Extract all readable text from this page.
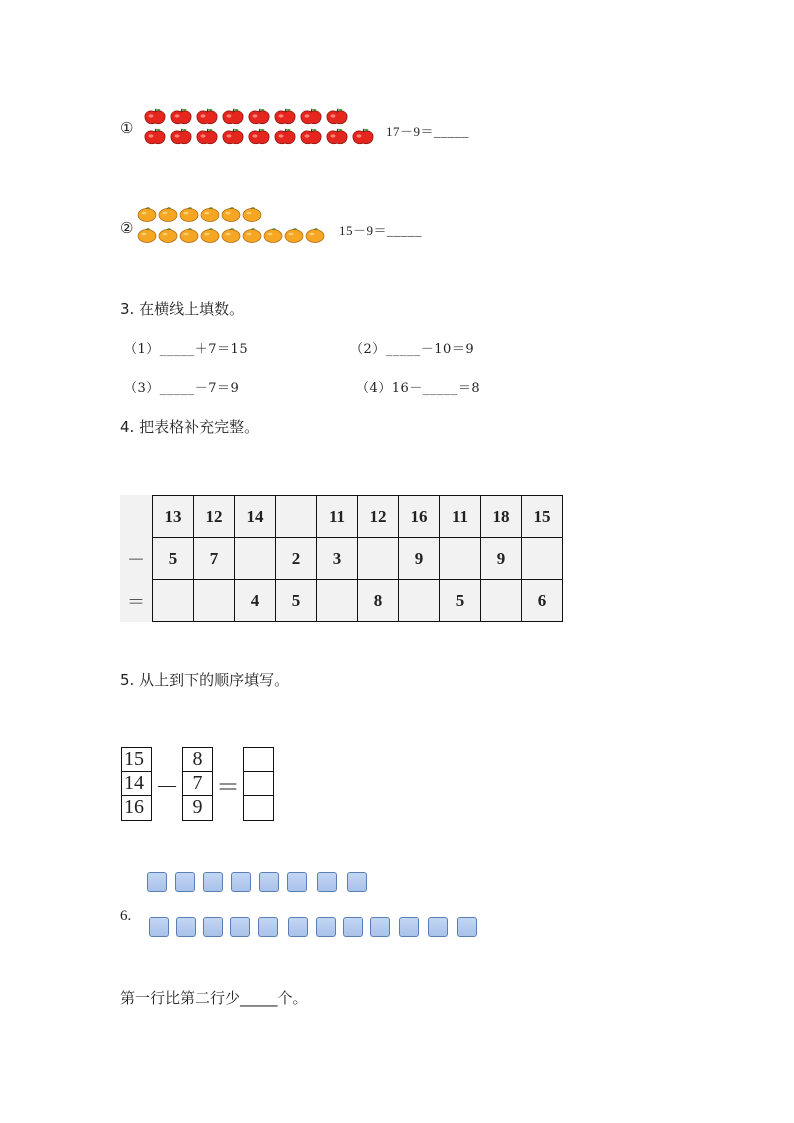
①	17－9＝_____
②	15－9＝_____
3. 在横线上填数。
（1）_____＋7＝15	（2）_____－10＝9
（3）_____－7＝9	（4）16－_____＝8
4. 把表格补充完整。
	13	12	14		11	12	16	11	18	15
－	5	7		2	3		9		9	
＝			4	5		8		5		6
5. 从上到下的顺序填写。
15
14
16
－
8
7
9
＝
6.
第一行比第二行少_____个。
